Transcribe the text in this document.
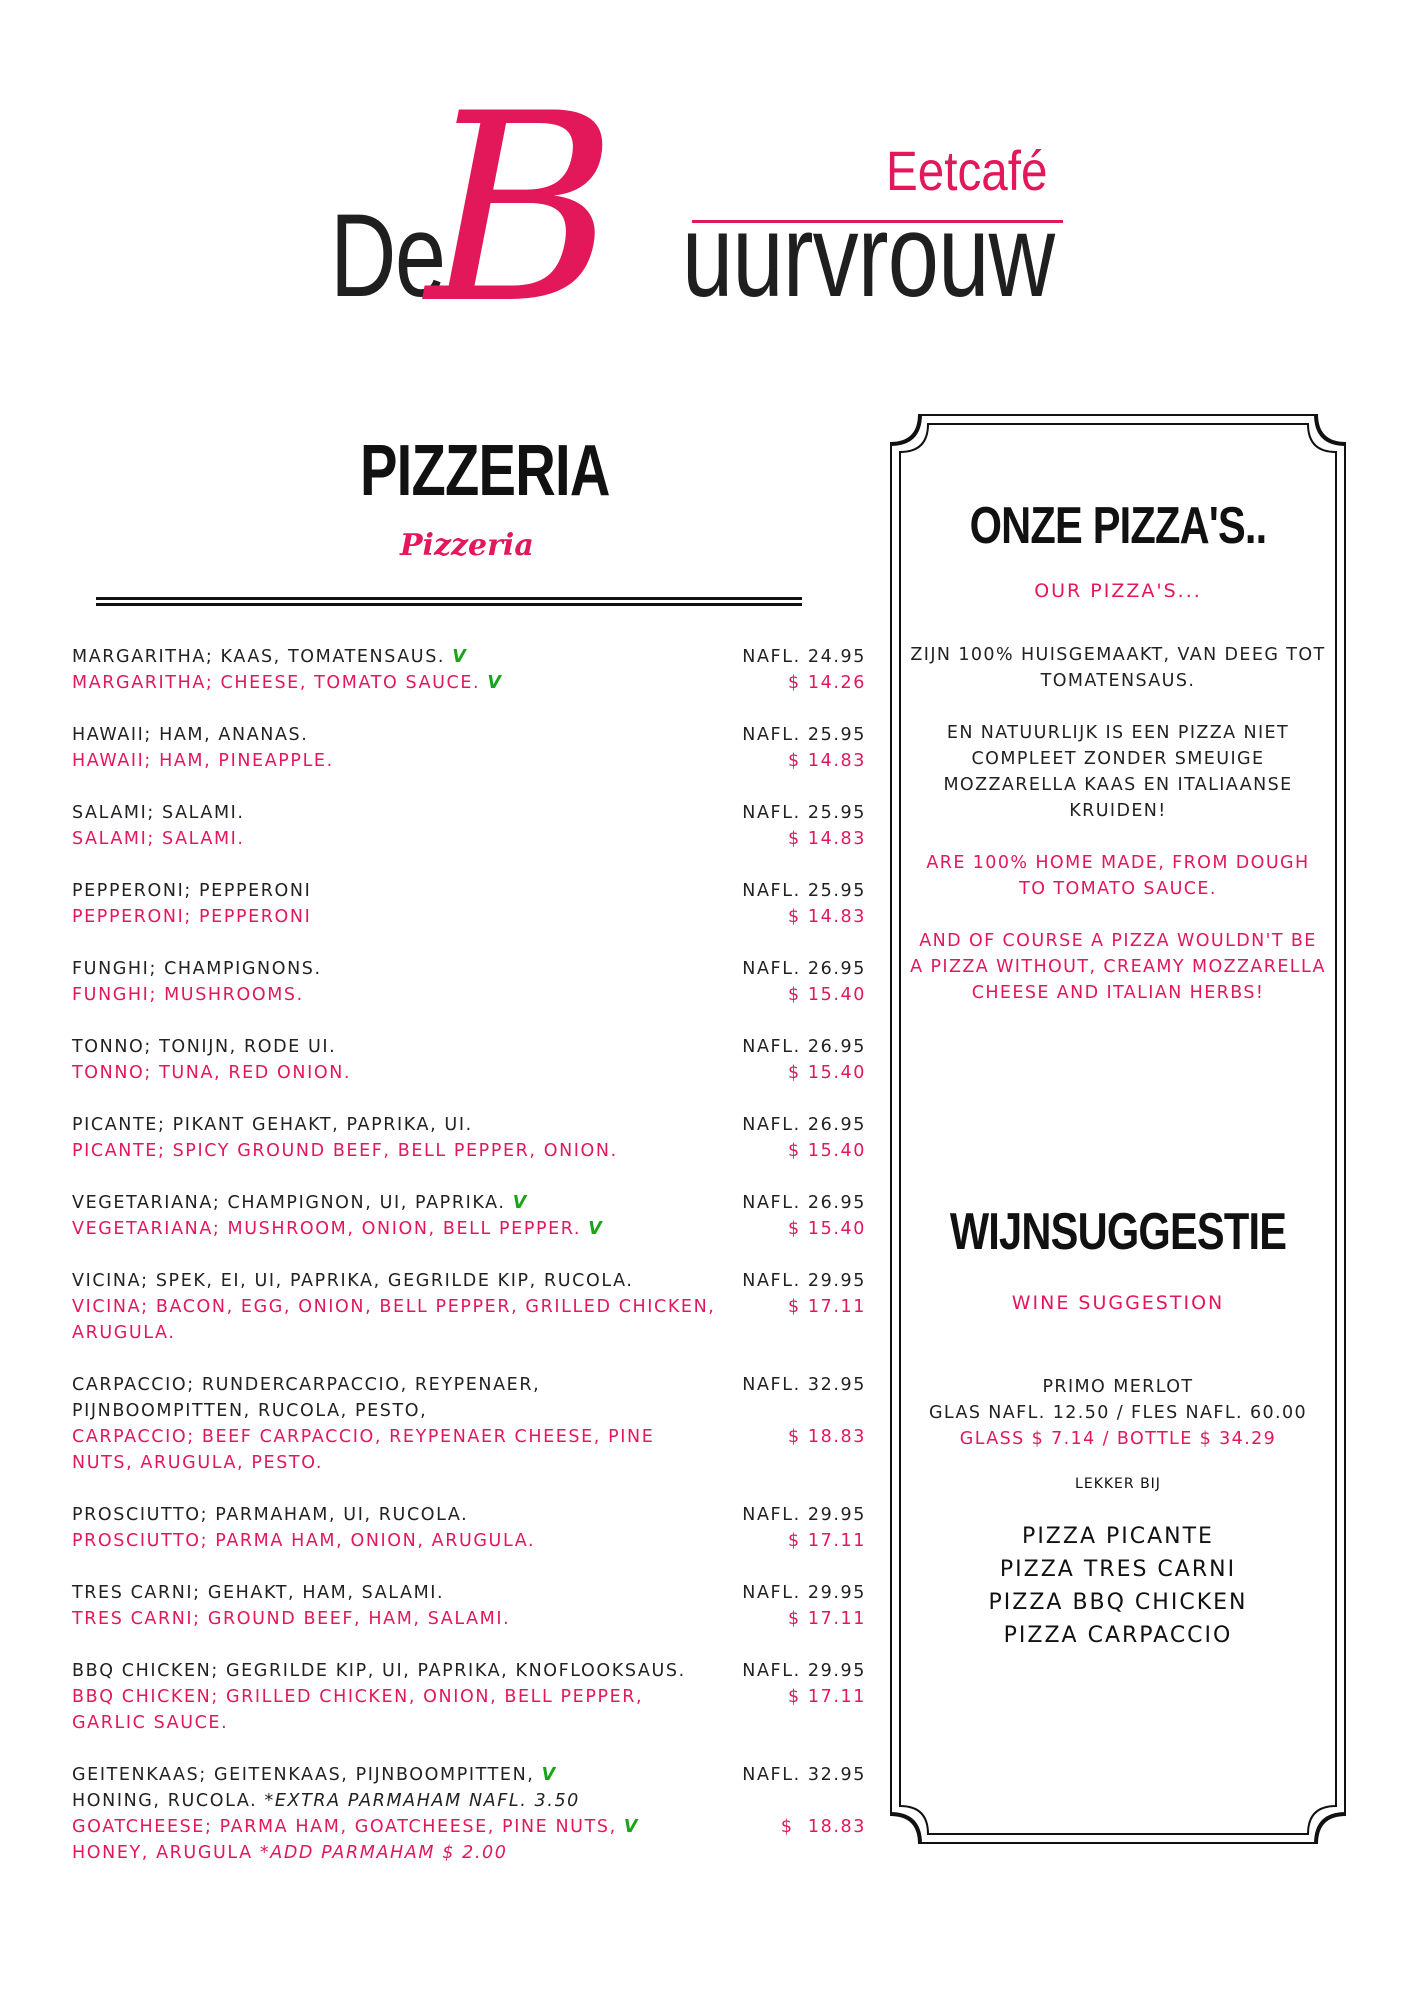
De
B	Eetcafé
uurvrouw
PIZZERIA
Pizzeria
MARGARITHA; KAAS, TOMATENSAUS. V
MARGARITHA; CHEESE, TOMATO SAUCE. V
NAFL. 24.95
$ 14.26
HAWAII; HAM, ANANAS.
HAWAII; HAM, PINEAPPLE.
NAFL. 25.95
$ 14.83
SALAMI; SALAMI.
SALAMI; SALAMI.
NAFL. 25.95
$ 14.83
PEPPERONI; PEPPERONI
PEPPERONI; PEPPERONI
NAFL. 25.95
$ 14.83
FUNGHI; CHAMPIGNONS.
FUNGHI; MUSHROOMS.
NAFL. 26.95
$ 15.40
TONNO; TONIJN, RODE UI.
TONNO; TUNA, RED ONION.
NAFL. 26.95
$ 15.40
PICANTE; PIKANT GEHAKT, PAPRIKA, UI.
PICANTE; SPICY GROUND BEEF, BELL PEPPER, ONION.
NAFL. 26.95
$ 15.40
VEGETARIANA; CHAMPIGNON, UI, PAPRIKA. V
VEGETARIANA; MUSHROOM, ONION, BELL PEPPER. V
NAFL. 26.95
$ 15.40
VICINA; SPEK, EI, UI, PAPRIKA, GEGRILDE KIP, RUCOLA.
VICINA; BACON, EGG, ONION, BELL PEPPER, GRILLED CHICKEN, ARUGULA.
NAFL. 29.95
$ 17.11
CARPACCIO; RUNDERCARPACCIO, REYPENAER, PIJNBOOMPITTEN, RUCOLA, PESTO,
CARPACCIO; BEEF CARPACCIO, REYPENAER CHEESE, PINE NUTS, ARUGULA, PESTO.
NAFL. 32.95

$ 18.83
PROSCIUTTO; PARMAHAM, UI, RUCOLA.
PROSCIUTTO; PARMA HAM, ONION, ARUGULA.
NAFL. 29.95
$ 17.11
TRES CARNI; GEHAKT, HAM, SALAMI.
TRES CARNI; GROUND BEEF, HAM, SALAMI.
NAFL. 29.95
$ 17.11
BBQ CHICKEN; GEGRILDE KIP, UI, PAPRIKA, KNOFLOOKSAUS.
BBQ CHICKEN; GRILLED CHICKEN, ONION, BELL PEPPER, GARLIC SAUCE.
NAFL. 29.95
$ 17.11
GEITENKAAS; GEITENKAAS, PIJNBOOMPITTEN, V
HONING, RUCOLA. *EXTRA PARMAHAM NAFL. 3.50
GOATCHEESE; PARMA HAM, GOATCHEESE, PINE NUTS, V
HONEY, ARUGULA *ADD PARMAHAM $ 2.00
NAFL. 32.95

$  18.83
ONZE PIZZA'S..
OUR PIZZA'S...

ZIJN 100% HUISGEMAAKT, VAN DEEG TOT TOMATENSAUS.

EN NATUURLIJK IS EEN PIZZA NIET COMPLEET ZONDER SMEUIGE MOZZARELLA KAAS EN ITALIAANSE KRUIDEN!

ARE 100% HOME MADE, FROM DOUGH TO TOMATO SAUCE.

AND OF COURSE A PIZZA WOULDN'T BE A PIZZA WITHOUT, CREAMY MOZZARELLA CHEESE AND ITALIAN HERBS!

WIJNSUGGESTIE
WINE SUGGESTION
PRIMO MERLOT
GLAS NAFL. 12.50 / FLES NAFL. 60.00
GLASS $ 7.14 / BOTTLE $ 34.29
LEKKER BIJ
PIZZA PICANTE
PIZZA TRES CARNI
PIZZA BBQ CHICKEN
PIZZA CARPACCIO
